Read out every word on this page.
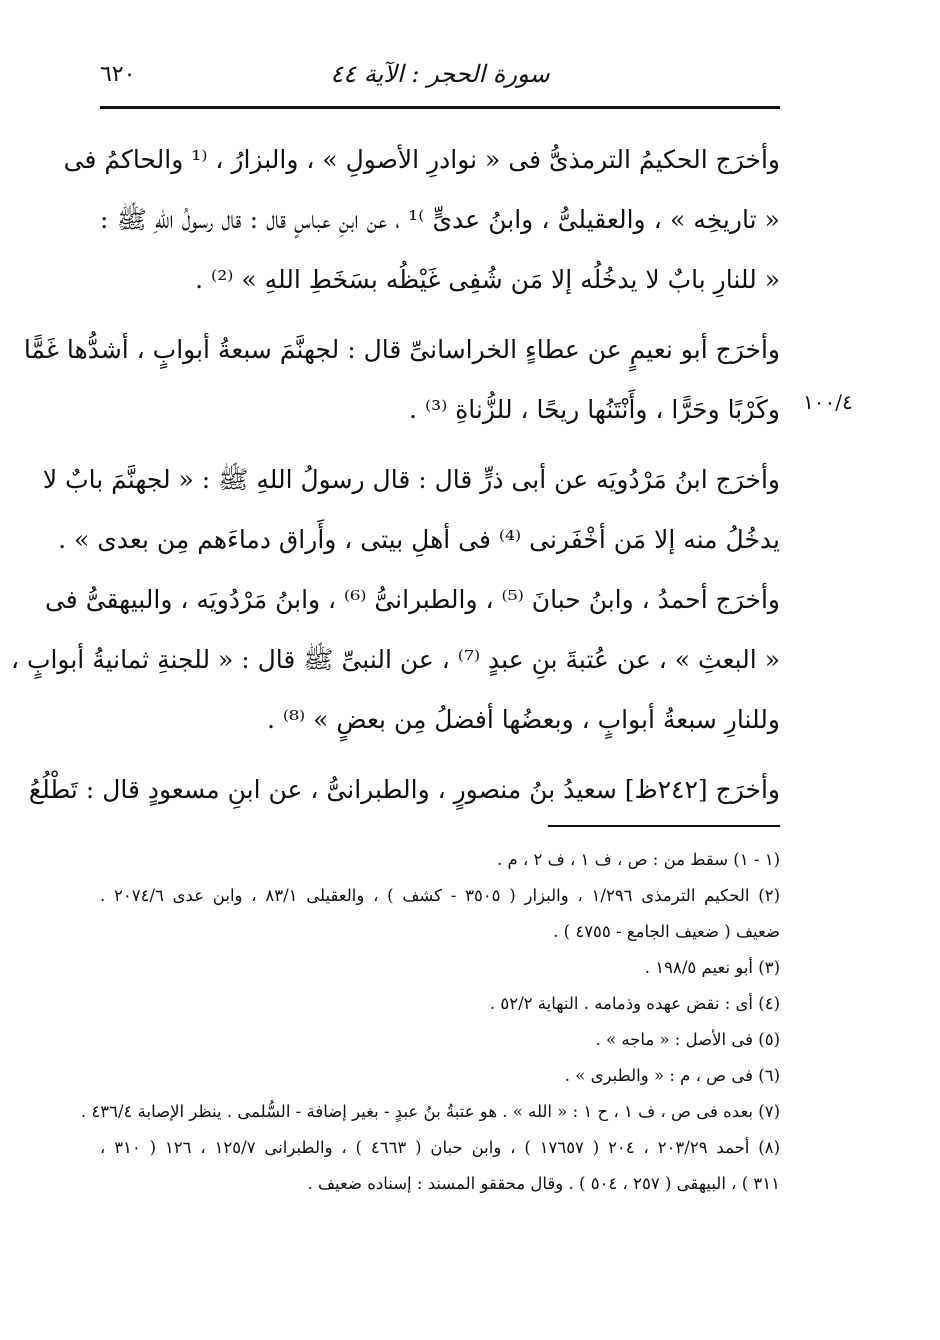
٦٢٠	سورة الحجر : الآية ٤٤
وأخرَج الحكيمُ الترمذىُّ فى « نوادرِ الأصولِ » ، والبزارُ ، ⁽¹ والحاكمُ فى
« تاريخِه » ، والعقيلىُّ ، وابنُ عدىٍّ ⁾¹ ، عن ابنِ عباسٍ قال : قال رسولُ اللهِ ﷺ :
« للنارِ بابٌ لا يدخُلُه إلا مَن شُفِى غَيْظُه بسَخَطِ اللهِ » ⁽²⁾ .
وأخرَج أبو نعيمٍ عن عطاءٍ الخراسانىِّ قال : لجهنَّمَ سبعةُ أبوابٍ ، أشدُّها غَمًّا
وكَرْبًا وحَرًّا ، وأَنْتَنُها ريحًا ، للزُّناةِ ⁽³⁾ .
وأخرَج ابنُ مَرْدُويَه عن أبى ذرٍّ قال : قال رسولُ اللهِ ﷺ : « لجهنَّمَ بابٌ لا
يدخُلُ منه إلا مَن أخْفَرنى ⁽⁴⁾ فى أهلِ بيتى ، وأَراق دماءَهم مِن بعدى » .
وأخرَج أحمدُ ، وابنُ حبانَ ⁽⁵⁾ ، والطبرانىُّ ⁽⁶⁾ ، وابنُ مَرْدُويَه ، والبيهقىُّ فى
« البعثِ » ، عن عُتبةَ بنِ عبدٍ ⁽⁷⁾ ، عن النبىِّ ﷺ قال : « للجنةِ ثمانيةُ أبوابٍ ،
وللنارِ سبعةُ أبوابٍ ، وبعضُها أفضلُ مِن بعضٍ » ⁽⁸⁾ .
وأخرَج [٢٤٢ظ] سعيدُ بنُ منصورٍ ، والطبرانىُّ ، عن ابنِ مسعودٍ قال : تَطْلُعُ
١٠٠/٤
(١ - ١) سقط من : ص ، ف ١ ، ف ٢ ، م .
(٢) الحكيم الترمذى ١/٢٩٦ ، والبزار ( ٣٥٠٥ - كشف ) ، والعقيلى ٨٣/١ ، وابن عدى ٢٠٧٤/٦ .
ضعيف ( ضعيف الجامع - ٤٧٥٥ ) .
(٣) أبو نعيم ١٩٨/٥ .
(٤) أى : نقض عهده وذمامه . النهاية ٥٢/٢ .
(٥) فى الأصل : « ماجه » .
(٦) فى ص ، م : « والطبرى » .
(٧) بعده فى ص ، ف ١ ، ح ١ : « الله » . هو عتبةُ بنُ عبدٍ - بغير إضافة - السُّلمى . ينظر الإصابة ٤٣٦/٤ .
(٨) أحمد ٢٠٣/٢٩ ، ٢٠٤ ( ١٧٦٥٧ ) ، وابن حبان ( ٤٦٦٣ ) ، والطبرانى ١٢٥/٧ ، ١٢٦ ( ٣١٠ ،
٣١١ ) ، البيهقى ( ٢٥٧ ، ٥٠٤ ) . وقال محققو المسند : إسناده ضعيف .
